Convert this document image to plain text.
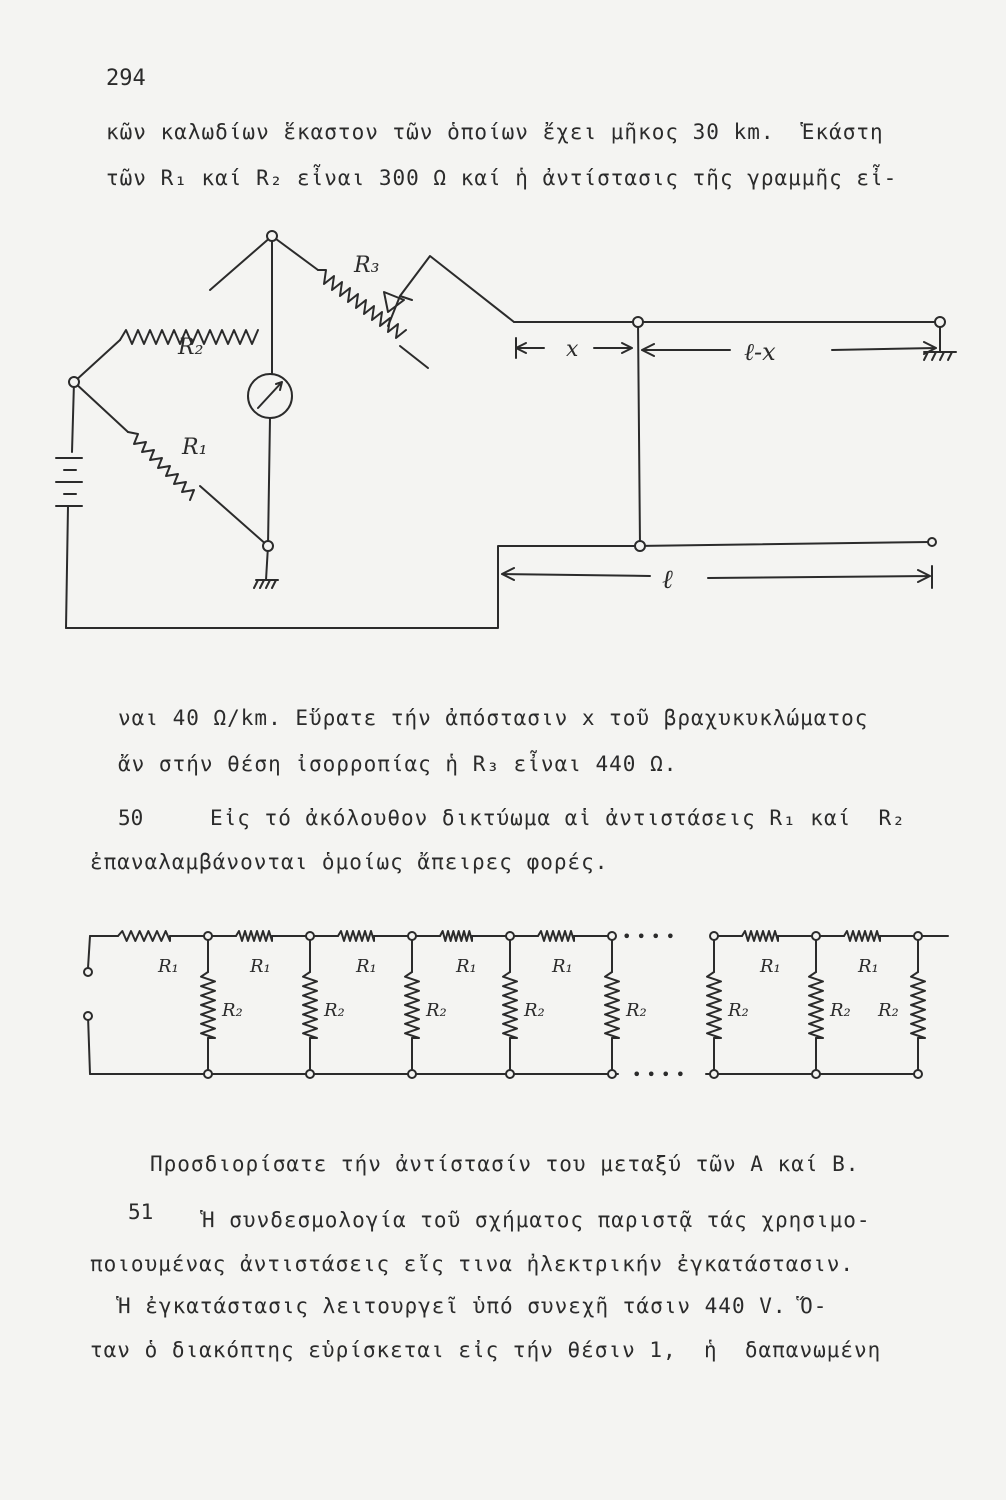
294
κῶν καλωδίων ἕκαστον τῶν ὁποίων ἔχει μῆκος 30 km.  Ἑκάστη
τῶν R₁ καί R₂ εἶναι 300 Ω καί ἡ ἀντίστασις τῆς γραμμῆς εἶ-
R₂
R₃
R₁
x	ℓ-x
ℓ
ναι 40 Ω/km. Εὕρατε τήν ἀπόστασιν x τοῦ βραχυκυκλώματος
ἄν στήν θέση ἰσορροπίας ἡ R₃ εἶναι 440 Ω.
50	Εἰς τό ἀκόλουθον δικτύωμα αἱ ἀντιστάσεις R₁ καί  R₂
ἐπαναλαμβάνονται ὁμοίως ἄπειρες φορές.
R₂	R₂	R₂	R₂	R₂	R₂	R₂ R₂
R₁	R₁	R₁	R₁	R₁	R₁	R₁
• • • •
• • • •
Προσδιορίσατε τήν ἀντίστασίν του μεταξύ τῶν Α καί Β.
51 Ἡ συνδεσμολογία τοῦ σχήματος παριστᾷ τάς χρησιμο-
ποιουμένας ἀντιστάσεις εἴς τινα ἠλεκτρικήν ἐγκατάστασιν.
Ἡ ἐγκατάστασις λειτουργεῖ ὑπό συνεχῆ τάσιν 440 V. Ὅ-
ταν ὁ διακόπτης εὑρίσκεται εἰς τήν θέσιν 1,  ἡ  δαπανωμένη
